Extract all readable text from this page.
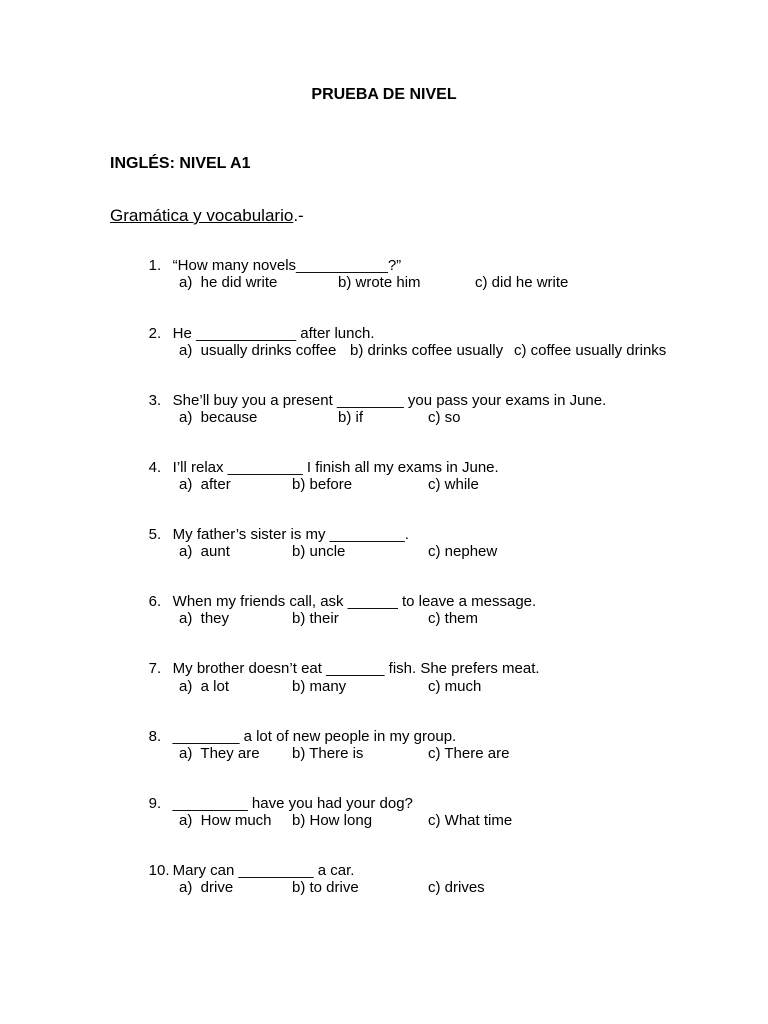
PRUEBA DE NIVEL
INGLÉS: NIVEL A1
Gramática y vocabulario.-

1. “How many novels___________?”

a)  he did write

	b) wrote him

	c) did he write

2. He ____________ after lunch.

a)  usually drinks coffee

b) drinks coffee usually

c) coffee usually drinks

3. She’ll buy you a present ________ you pass your exams in June.

a)  because

	b) if

	c) so

4. I’ll relax _________ I finish all my exams in June.

a)  after

	b) before

	c) while

5. My father’s sister is my _________.

a)  aunt

	b) uncle

	c) nephew

6. When my friends call, ask ______ to leave a message.

a)  they

	b) their

	c) them

7. My brother doesn’t eat _______ fish. She prefers meat.

a)  a lot

	b) many

	c) much

8. ________ a lot of new people in my group.

a)  They are

b) There is

	c) There are

9. _________ have you had your dog?

a)  How much

b) How long

	c) What time

10. Mary can _________ a car.

a)  drive

	b) to drive

	c) drives
